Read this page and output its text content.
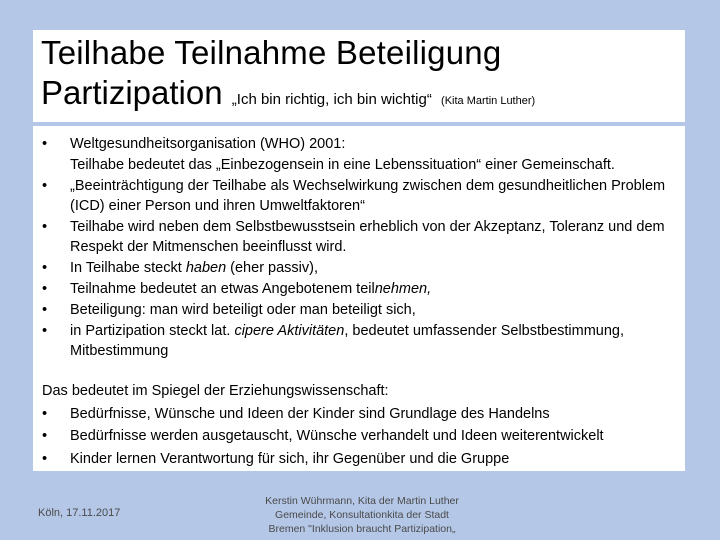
Teilhabe Teilnahme Beteiligung
Partizipation „Ich bin richtig, ich bin wichtig“ (Kita Martin Luther)
• Weltgesundheitsorganisation (WHO) 2001:
Teilhabe bedeutet das „Einbezogensein in eine Lebenssituation“ einer Gemeinschaft.
• „Beeinträchtigung der Teilhabe als Wechselwirkung zwischen dem gesundheitlichen Problem (ICD) einer Person und ihren Umweltfaktoren“
• Teilhabe wird neben dem Selbstbewusstsein erheblich von der Akzeptanz, Toleranz und dem Respekt der Mitmenschen beeinflusst wird.
• In Teilhabe steckt haben (eher passiv),
• Teilnahme bedeutet an etwas Angebotenem teilnehmen,
• Beteiligung: man wird beteiligt oder man beteiligt sich,
• in Partizipation steckt lat. cipere Aktivitäten, bedeutet umfassender Selbstbestimmung, Mitbestimmung
Das bedeutet im Spiegel der Erziehungswissenschaft:
• Bedürfnisse, Wünsche und Ideen der Kinder sind Grundlage des Handelns
• Bedürfnisse werden ausgetauscht, Wünsche verhandelt und Ideen weiterentwickelt
• Kinder lernen Verantwortung für sich, ihr Gegenüber und die Gruppe
Köln, 17.11.2017
Kerstin Wührmann, Kita der Martin Luther
Gemeinde, Konsultationkita der Stadt
Bremen "Inklusion braucht Partizipation„
